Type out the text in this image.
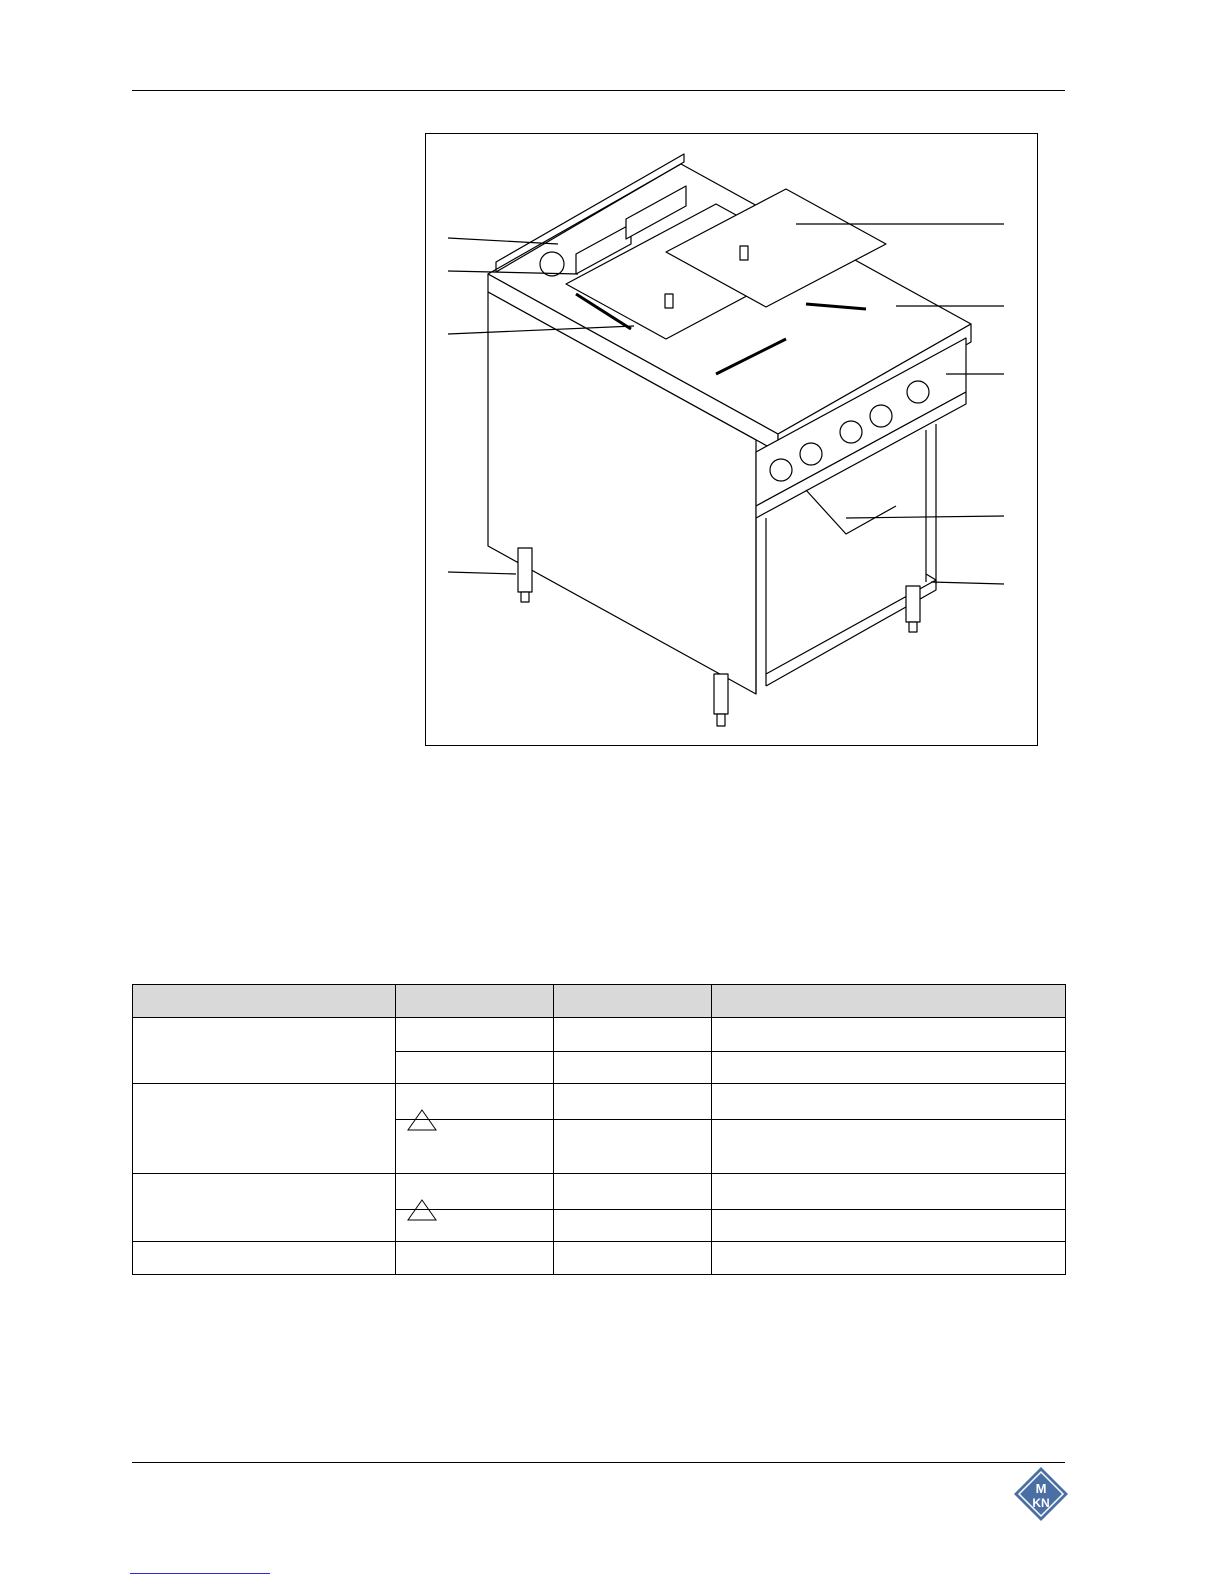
M
KN
